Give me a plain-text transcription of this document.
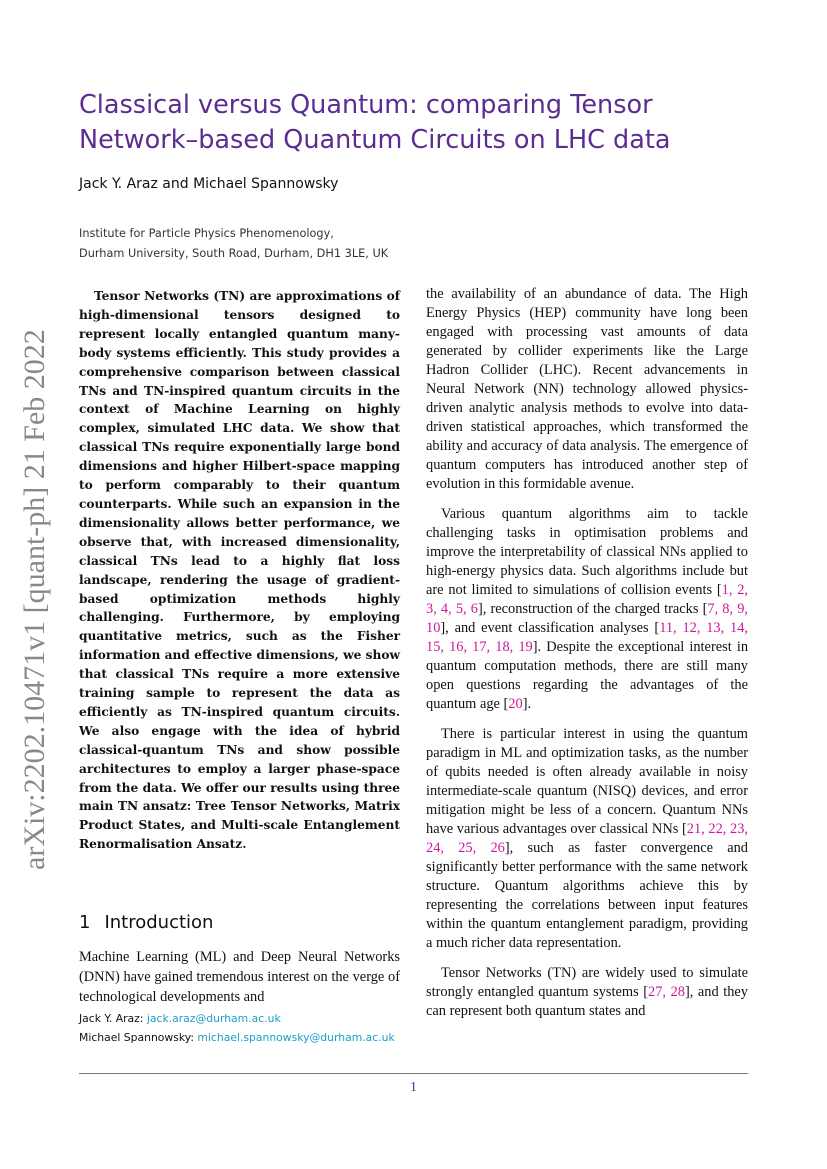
Classical versus Quantum: comparing Tensor Network–based Quantum Circuits on LHC data
Jack Y. Araz and Michael Spannowsky
Institute for Particle Physics Phenomenology,
Durham University, South Road, Durham, DH1 3LE, UK
arXiv:2202.10471v1 [quant-ph] 21 Feb 2022

Tensor Networks (TN) are approximations of high-dimensional tensors designed to represent locally entangled quantum many-body systems efficiently. This study provides a comprehensive comparison between classical TNs and TN-inspired quantum circuits in the context of Machine Learning on highly complex, simulated LHC data. We show that classical TNs require exponentially large bond dimensions and higher Hilbert-space mapping to perform comparably to their quantum counterparts. While such an expansion in the dimensionality allows better performance, we observe that, with increased dimensionality, classical TNs lead to a highly flat loss landscape, rendering the usage of gradient-based optimization methods highly challenging. Furthermore, by employing quantitative metrics, such as the Fisher information and effective dimensions, we show that classical TNs require a more extensive training sample to represent the data as efficiently as TN-inspired quantum circuits. We also engage with the idea of hybrid classical-quantum TNs and show possible architectures to employ a larger phase-space from the data. We offer our results using three main TN ansatz: Tree Tensor Networks, Matrix Product States, and Multi-scale Entanglement Renormalisation Ansatz.

1 Introduction

Machine Learning (ML) and Deep Neural Networks (DNN) have gained tremendous interest on the verge of technological developments and

Jack Y. Araz: jack.araz@durham.ac.uk
Michael Spannowsky: michael.spannowsky@durham.ac.uk

the availability of an abundance of data. The High Energy Physics (HEP) community have long been engaged with processing vast amounts of data generated by collider experiments like the Large Hadron Collider (LHC). Recent advancements in Neural Network (NN) technology allowed physics-driven analytic analysis methods to evolve into data-driven statistical approaches, which transformed the ability and accuracy of data analysis. The emergence of quantum computers has introduced another step of evolution in this formidable avenue.

Various quantum algorithms aim to tackle challenging tasks in optimisation problems and improve the interpretability of classical NNs applied to high-energy physics data. Such algorithms include but are not limited to simulations of collision events [1, 2, 3, 4, 5, 6], reconstruction of the charged tracks [7, 8, 9, 10], and event classification analyses [11, 12, 13, 14, 15, 16, 17, 18, 19]. Despite the exceptional interest in quantum computation methods, there are still many open questions regarding the advantages of the quantum age [20].

There is particular interest in using the quantum paradigm in ML and optimization tasks, as the number of qubits needed is often already available in noisy intermediate-scale quantum (NISQ) devices, and error mitigation might be less of a concern. Quantum NNs have various advantages over classical NNs [21, 22, 23, 24, 25, 26], such as faster convergence and significantly better performance with the same network structure. Quantum algorithms achieve this by representing the correlations between input features within the quantum entanglement paradigm, providing a much richer data representation.

Tensor Networks (TN) are widely used to simulate strongly entangled quantum systems [27, 28], and they can represent both quantum states and

1
